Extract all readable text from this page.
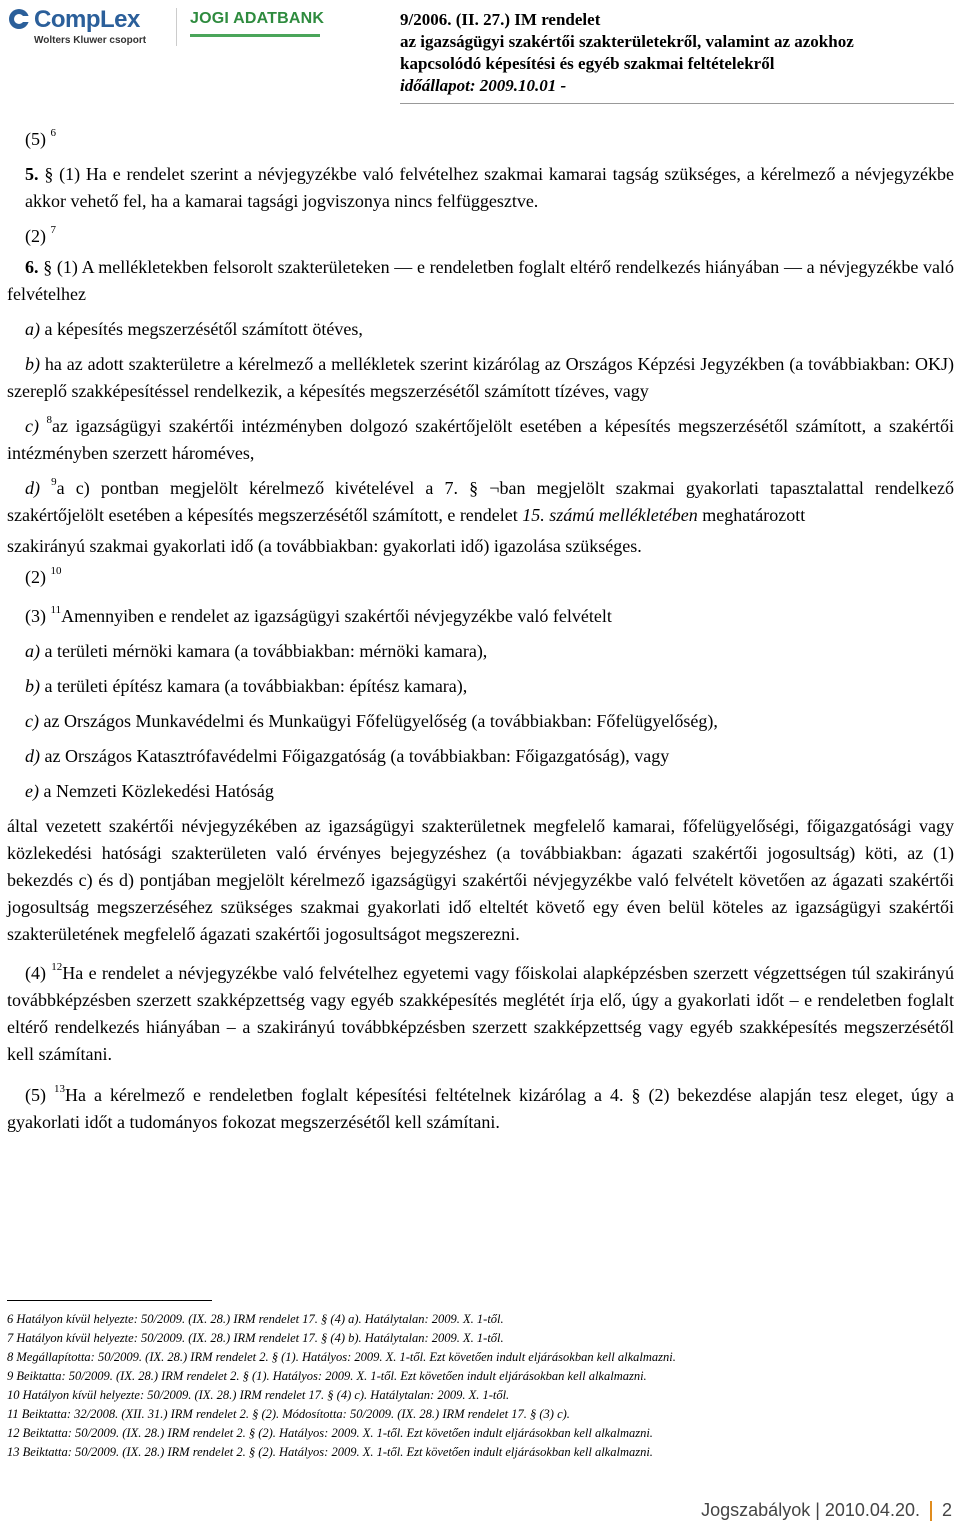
CompLex
Wolters Kluwer csoport
JOGI ADATBANK	9/2006. (II. 27.) IM rendelet
az igazságügyi szakértői szakterületekről, valamint az azokhoz
kapcsolódó képesítési és egyéb szakmai feltételekről
időállapot: 2009.10.01 -

(5) $^6$

5. § (1) Ha e rendelet szerint a névjegyzékbe való felvételhez szakmai kamarai tagság szükséges, a kérelmező a névjegyzékbe akkor vehető fel, ha a kamarai tagsági jogviszonya nincs felfüggesztve.

(2) $^7$

6. § (1) A mellékletekben felsorolt szakterületeken — e rendeletben foglalt eltérő rendelkezés hiányában — a névjegyzékbe való felvételhez

a) a képesítés megszerzésétől számított ötéves,

b) ha az adott szakterületre a kérelmező a mellékletek szerint kizárólag az Országos Képzési Jegyzékben (a továbbiakban: OKJ) szereplő szakképesítéssel rendelkezik, a képesítés megszerzésétől számított tízéves, vagy

c) $^8$az igazságügyi szakértői intézményben dolgozó szakértőjelölt esetében a képesítés megszerzésétől számított, a szakértői intézményben szerzett hároméves,

d) $^9$a c) pontban megjelölt kérelmező kivételével a 7. § ¬ban megjelölt szakmai gyakorlati tapasztalattal rendelkező szakértőjelölt esetében a képesítés megszerzésétől számított, e rendelet 15. számú mellékletében meghatározott

szakirányú szakmai gyakorlati idő (a továbbiakban: gyakorlati idő) igazolása szükséges.

(2) $^{10}$

(3) $^{11}$Amennyiben e rendelet az igazságügyi szakértői névjegyzékbe való felvételt

a) a területi mérnöki kamara (a továbbiakban: mérnöki kamara),

b) a területi építész kamara (a továbbiakban: építész kamara),

c) az Országos Munkavédelmi és Munkaügyi Főfelügyelőség (a továbbiakban: Főfelügyelőség),

d) az Országos Katasztrófavédelmi Főigazgatóság (a továbbiakban: Főigazgatóság), vagy

e) a Nemzeti Közlekedési Hatóság

által vezetett szakértői névjegyzékében az igazságügyi szakterületnek megfelelő kamarai, főfelügyelőségi, főigazgatósági vagy közlekedési hatósági szakterületen való érvényes bejegyzéshez (a továbbiakban: ágazati szakértői jogosultság) köti, az (1) bekezdés c) és d) pontjában megjelölt kérelmező igazságügyi szakértői névjegyzékbe való felvételt követően az ágazati szakértői jogosultság megszerzéséhez szükséges szakmai gyakorlati idő elteltét követő egy éven belül köteles az igazságügyi szakértői szakterületének megfelelő ágazati szakértői jogosultságot megszerezni.

(4) $^{12}$Ha e rendelet a névjegyzékbe való felvételhez egyetemi vagy főiskolai alapképzésben szerzett végzettségen túl szakirányú továbbképzésben szerzett szakképzettség vagy egyéb szakképesítés meglétét írja elő, úgy a gyakorlati időt – e rendeletben foglalt eltérő rendelkezés hiányában – a szakirányú továbbképzésben szerzett szakképzettség vagy egyéb szakképesítés megszerzésétől kell számítani.

(5) $^{13}$Ha a kérelmező e rendeletben foglalt képesítési feltételnek kizárólag a 4. § (2) bekezdése alapján tesz eleget, úgy a gyakorlati időt a tudományos fokozat megszerzésétől kell számítani.

6 Hatályon kívül helyezte: 50/2009. (IX. 28.) IRM rendelet 17. § (4) a). Hatálytalan: 2009. X. 1-től.
7 Hatályon kívül helyezte: 50/2009. (IX. 28.) IRM rendelet 17. § (4) b). Hatálytalan: 2009. X. 1-től.
8 Megállapította: 50/2009. (IX. 28.) IRM rendelet 2. § (1). Hatályos: 2009. X. 1-től. Ezt követően indult eljárásokban kell alkalmazni.
9 Beiktatta: 50/2009. (IX. 28.) IRM rendelet 2. § (1). Hatályos: 2009. X. 1-től. Ezt követően indult eljárásokban kell alkalmazni.
10 Hatályon kívül helyezte: 50/2009. (IX. 28.) IRM rendelet 17. § (4) c). Hatálytalan: 2009. X. 1-től.
11 Beiktatta: 32/2008. (XII. 31.) IRM rendelet 2. § (2). Módosította: 50/2009. (IX. 28.) IRM rendelet 17. § (3) c).
12 Beiktatta: 50/2009. (IX. 28.) IRM rendelet 2. § (2). Hatályos: 2009. X. 1-től. Ezt követően indult eljárásokban kell alkalmazni.
13 Beiktatta: 50/2009. (IX. 28.) IRM rendelet 2. § (2). Hatályos: 2009. X. 1-től. Ezt követően indult eljárásokban kell alkalmazni.
Jogszabályok | 2010.04.20. 2
